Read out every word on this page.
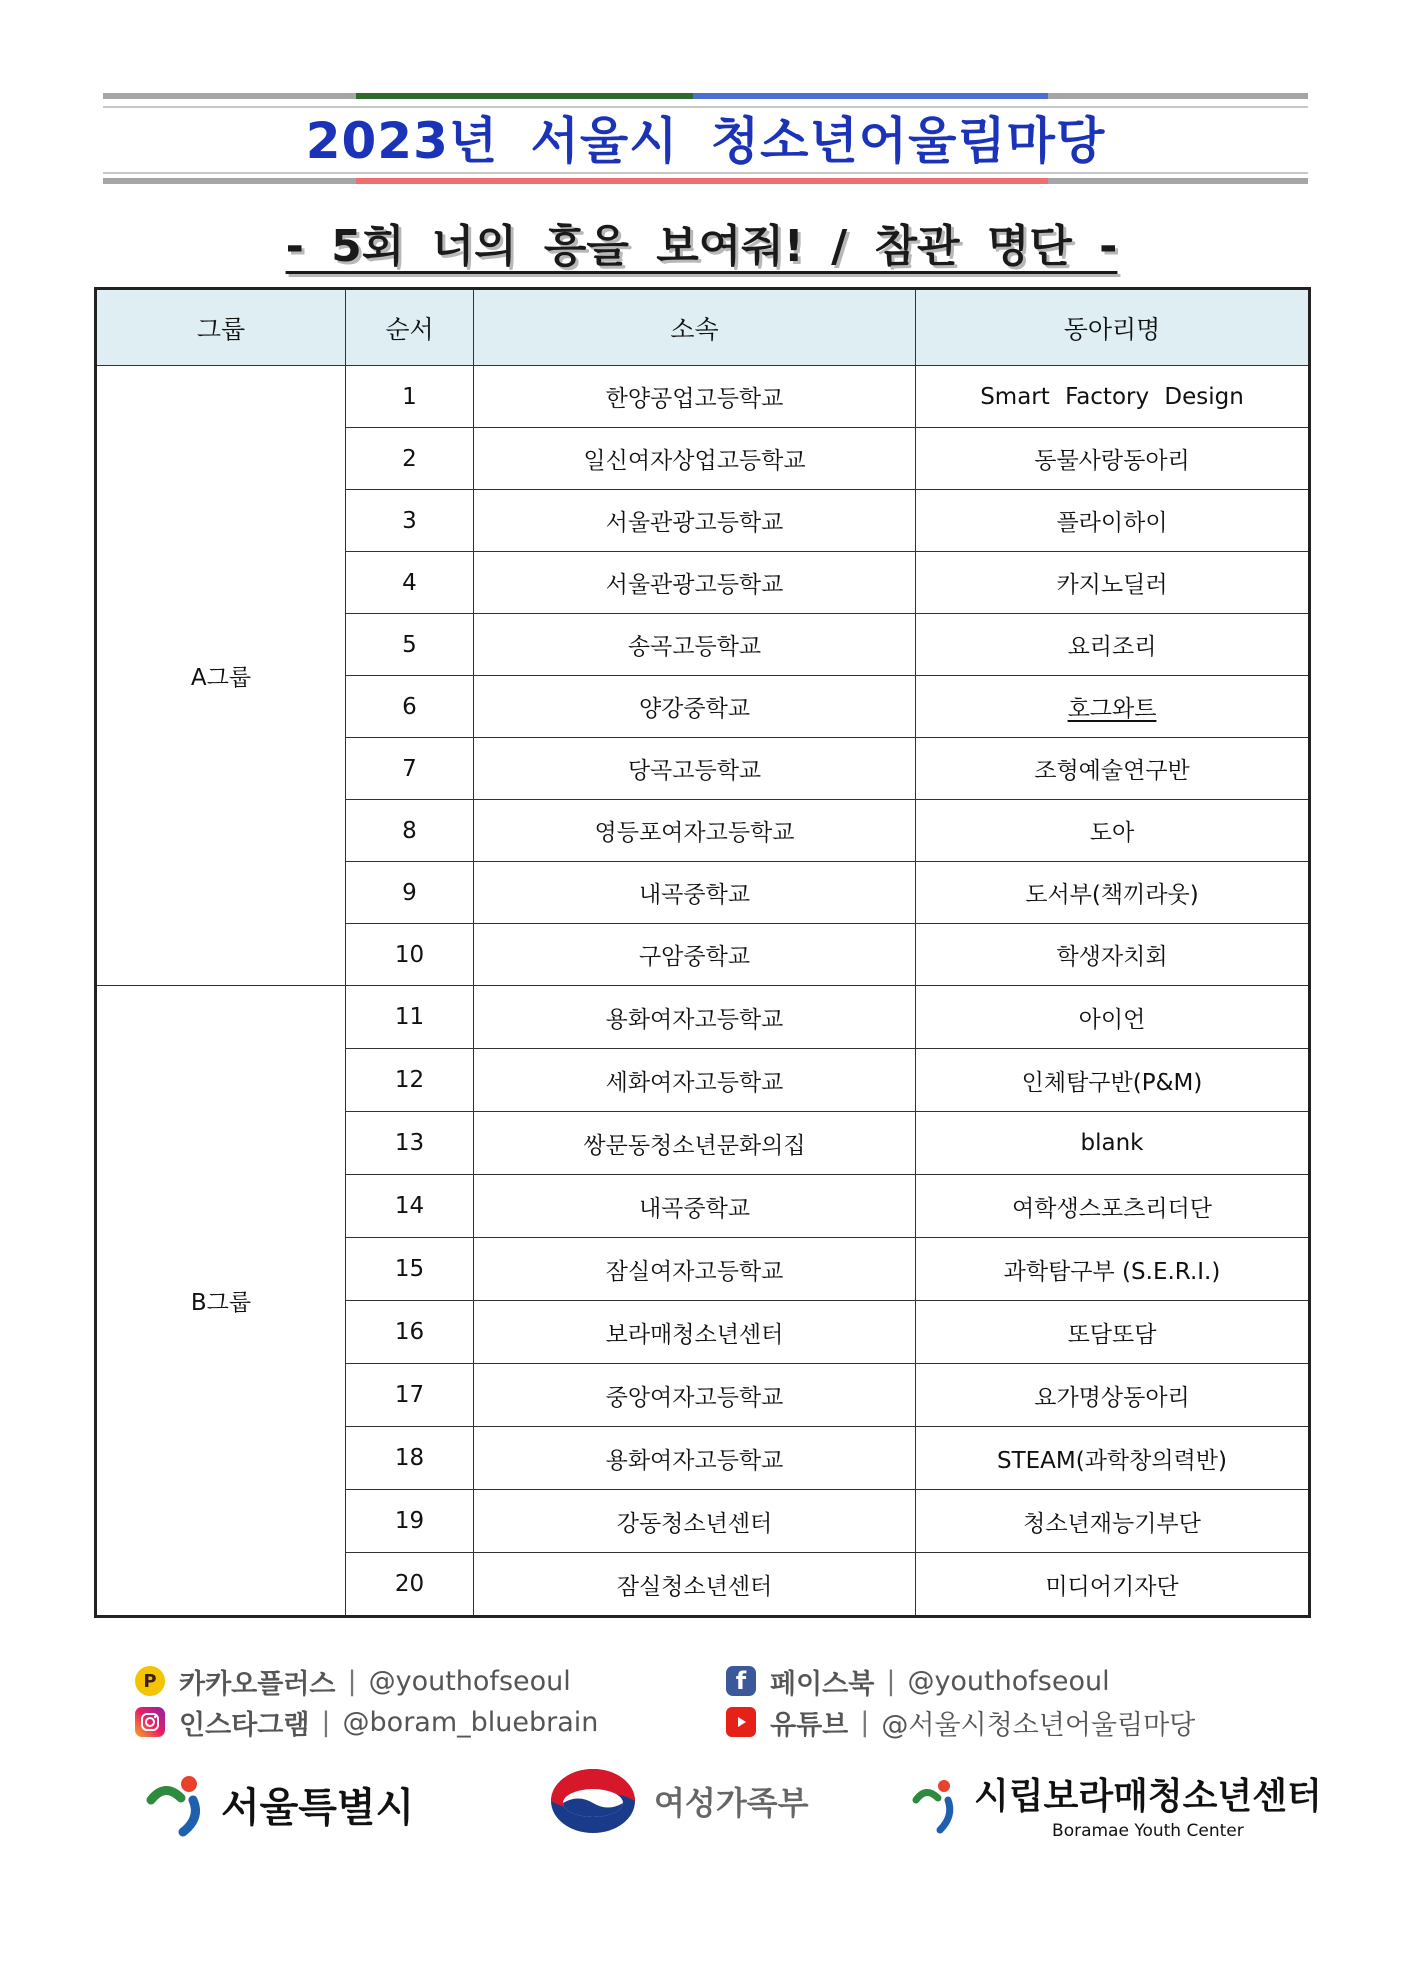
2023년 서울시 청소년어울림마당
- 5회 너의 흥을 보여줘! / 참관 명단 -
그룹	순서	소속	동아리명
A그룹	1	한양공업고등학교	Smart Factory Design
	2	일신여자상업고등학교	동물사랑동아리
	3	서울관광고등학교	플라이하이
	4	서울관광고등학교	카지노딜러
	5	송곡고등학교	요리조리
	6	양강중학교	호그와트
	7	당곡고등학교	조형예술연구반
	8	영등포여자고등학교	도아
	9	내곡중학교	도서부(책끼라웃)
	10	구암중학교	학생자치회
B그룹	11	용화여자고등학교	아이언
	12	세화여자고등학교	인체탐구반(P&M)
	13	쌍문동청소년문화의집	blank
	14	내곡중학교	여학생스포츠리더단
	15	잠실여자고등학교	과학탐구부 (S.E.R.I.)
	16	보라매청소년센터	또담또담
	17	중앙여자고등학교	요가명상동아리
	18	용화여자고등학교	STEAM(과학창의력반)
	19	강동청소년센터	청소년재능기부단
	20	잠실청소년센터	미디어기자단
P 카카오플러스 | @youthofseoul	f 페이스북 | @youthofseoul
인스타그램 | @boram_bluebrain	유튜브 | @서울시청소년어울림마당
서울특별시	여성가족부	시립보라매청소년센터
Boramae Youth Center
